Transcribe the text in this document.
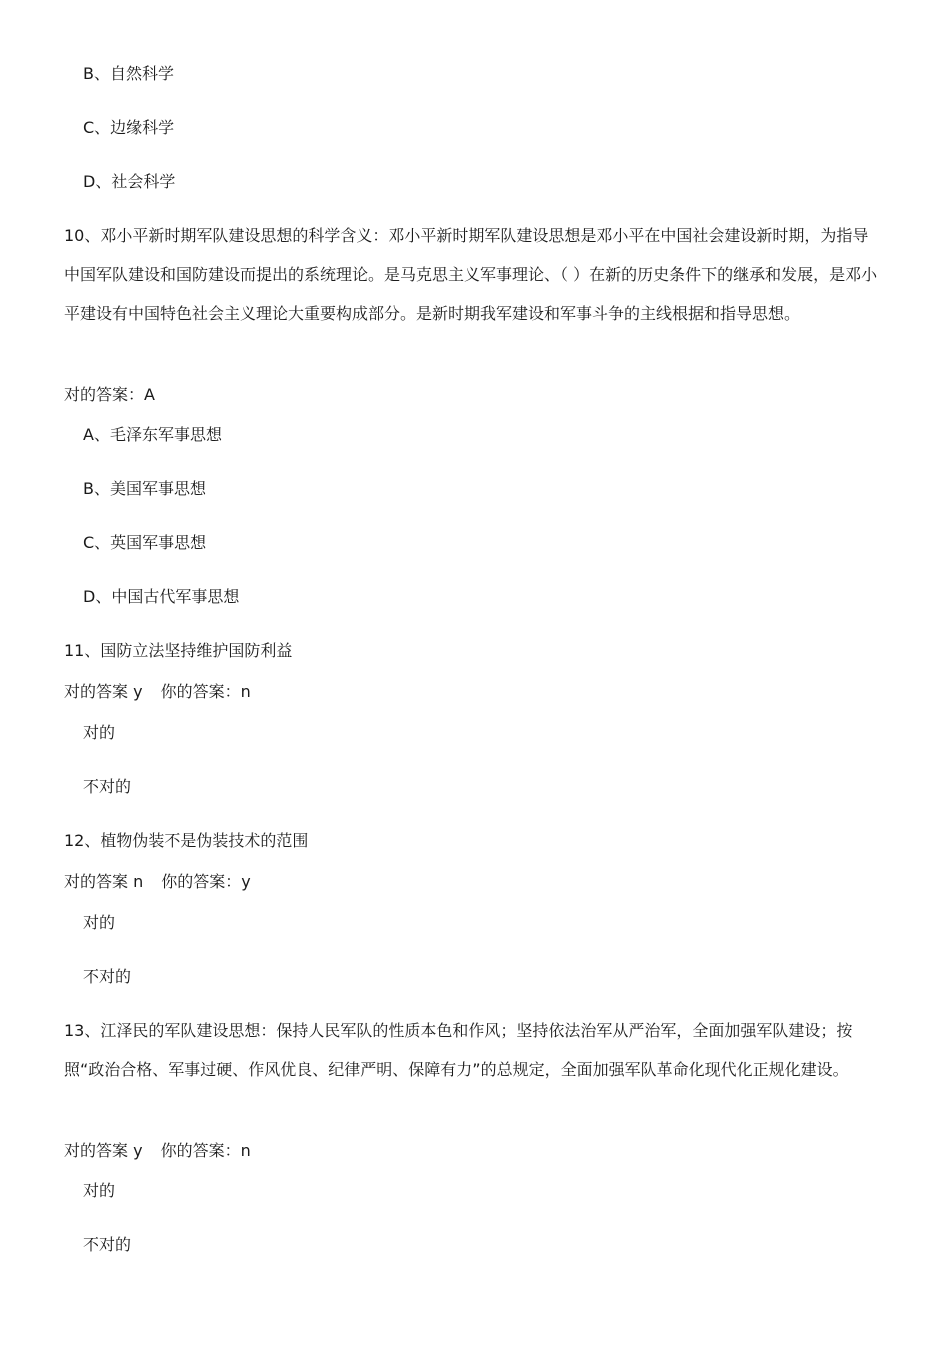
B、自然科学
C、边缘科学
D、社会科学
10、邓小平新时期军队建设思想的科学含义：邓小平新时期军队建设思想是邓小平在中国社会建设新时期，为指导中国军队建设和国防建设而提出的系统理论。是马克思主义军事理论、（ ）在新的历史条件下的继承和发展，是邓小平建设有中国特色社会主义理论大重要构成部分。是新时期我军建设和军事斗争的主线根据和指导思想。
对的答案：A
A、毛泽东军事思想
B、美国军事思想
C、英国军事思想
D、中国古代军事思想
11、国防立法坚持维护国防利益
对的答案 y 你的答案：n
对的
不对的
12、植物伪装不是伪装技术的范围
对的答案 n 你的答案：y
对的
不对的
13、江泽民的军队建设思想：保持人民军队的性质本色和作风；坚持依法治军从严治军，全面加强军队建设；按照“政治合格、军事过硬、作风优良、纪律严明、保障有力”的总规定，全面加强军队革命化现代化正规化建设。
对的答案 y 你的答案：n
对的
不对的
